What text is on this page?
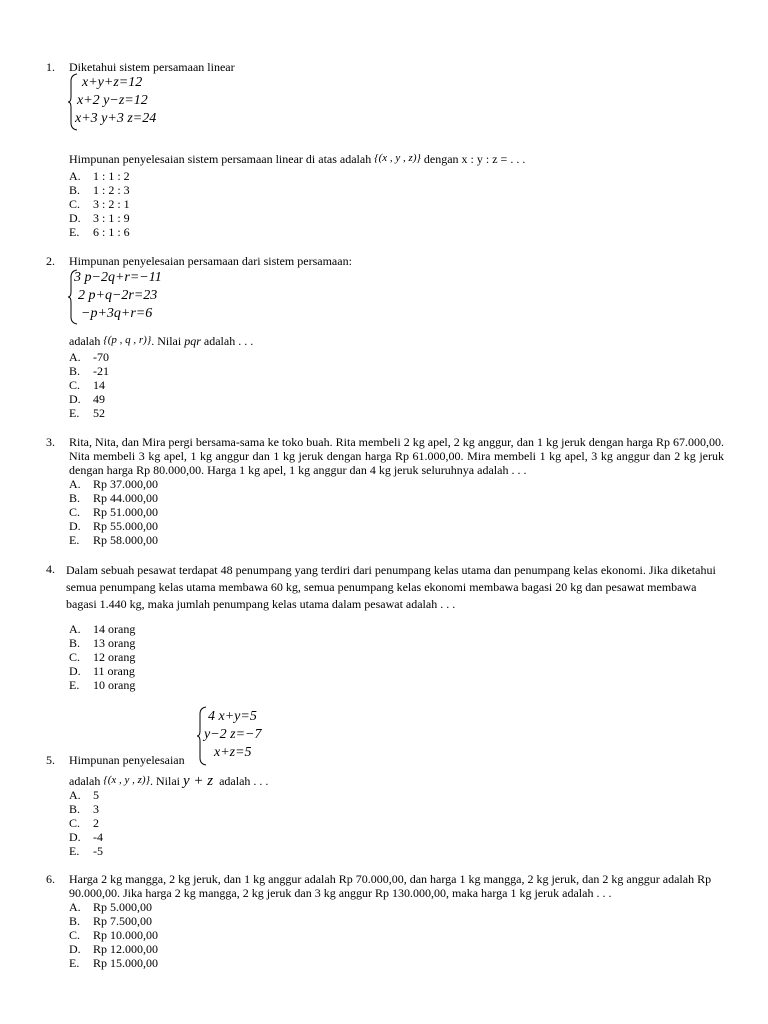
1. Diketahui sistem persamaan linear
x+y+z=12
x+2 y−z=12
x+3 y+3 z=24
Himpunan penyelesaian sistem persamaan linear di atas adalah {(x , y , z)} dengan x : y : z = . . .
A. 1 : 1 : 2
B. 1 : 2 : 3
C. 3 : 2 : 1
D. 3 : 1 : 9
E. 6 : 1 : 6
2. Himpunan penyelesaian persamaan dari sistem persamaan:
3 p−2q+r=−11
2 p+q−2r=23
−p+3q+r=6
adalah {(p , q , r)}. Nilai pqr adalah . . .
A. -70
B. -21
C. 14
D. 49
E. 52
3. Rita, Nita, dan Mira pergi bersama-sama ke toko buah. Rita membeli 2 kg apel, 2 kg anggur, dan 1 kg jeruk dengan harga Rp 67.000,00. Nita membeli 3 kg apel, 1 kg anggur dan 1 kg jeruk dengan harga Rp 61.000,00. Mira membeli 1 kg apel, 3 kg anggur dan 2 kg jeruk dengan harga Rp 80.000,00. Harga 1 kg apel, 1 kg anggur dan 4 kg jeruk seluruhnya adalah . . .
A. Rp 37.000,00
B. Rp 44.000,00
C. Rp 51.000,00
D. Rp 55.000,00
E. Rp 58.000,00
4. Dalam sebuah pesawat terdapat 48 penumpang yang terdiri dari penumpang kelas utama dan penumpang kelas ekonomi. Jika diketahui semua penumpang kelas utama membawa 60 kg, semua penumpang kelas ekonomi membawa bagasi 20 kg dan pesawat membawa bagasi 1.440 kg, maka jumlah penumpang kelas utama dalam pesawat adalah . . .
A. 14 orang
B. 13 orang
C. 12 orang
D. 11 orang
E. 10 orang
4 x+y=5
y−2 z=−7
x+z=5
5. Himpunan penyelesaian
adalah {(x , y , z)}. Nilai y + z adalah . . .
A. 5
B. 3
C. 2
D. -4
E. -5
6. Harga 2 kg mangga, 2 kg jeruk, dan 1 kg anggur adalah Rp 70.000,00, dan harga 1 kg mangga, 2 kg jeruk, dan 2 kg anggur adalah Rp 90.000,00. Jika harga 2 kg mangga, 2 kg jeruk dan 3 kg anggur Rp 130.000,00, maka harga 1 kg jeruk adalah . . .
A. Rp 5.000,00
B. Rp 7.500,00
C. Rp 10.000,00
D. Rp 12.000,00
E. Rp 15.000,00
